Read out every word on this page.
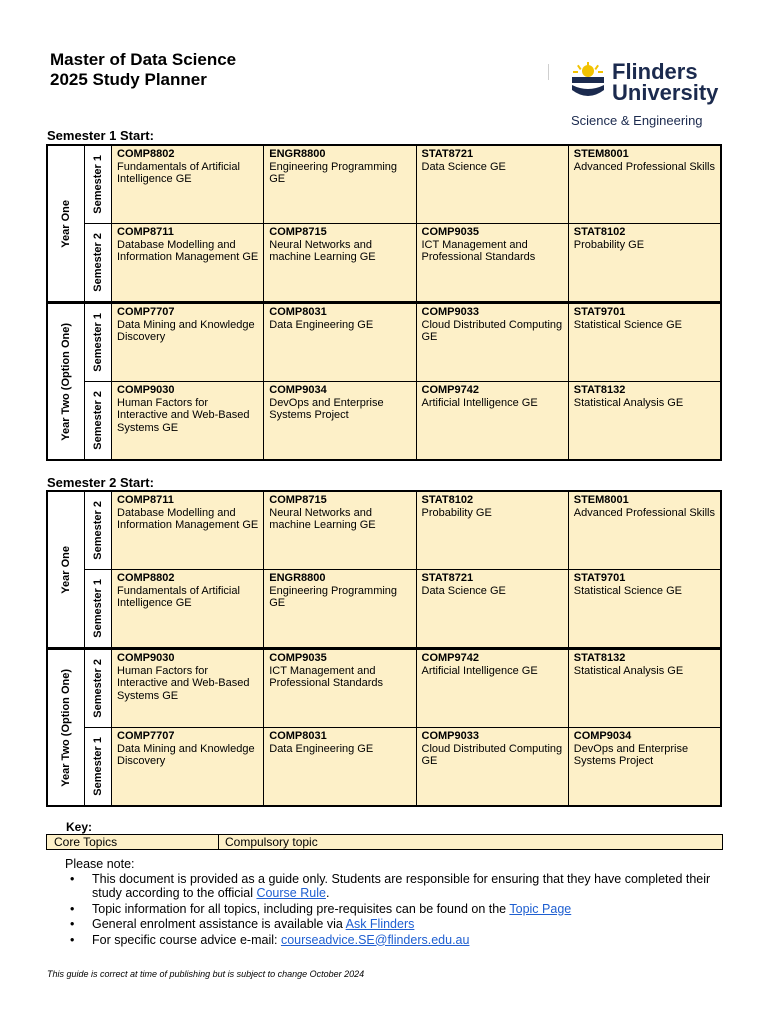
Master of Data Science
2025 Study Planner	Flinders
University
Science & Engineering
Semester 1 Start:
Year One
Semester 1
COMP8802
Fundamentals of Artificial Intelligence GE
ENGR8800
Engineering Programming GE
STAT8721
Data Science GE
STEM8001
Advanced Professional Skills
Semester 2
COMP8711
Database Modelling and Information Management GE
COMP8715
Neural Networks and machine Learning GE
COMP9035
ICT Management and Professional Standards
STAT8102
Probability GE
Year Two (Option One) Semester 1
COMP7707
Data Mining and Knowledge Discovery
COMP8031
Data Engineering GE
COMP9033
Cloud Distributed Computing GE
STAT9701
Statistical Science GE
Semester 2
COMP9030
Human Factors for Interactive and Web-Based Systems GE
COMP9034
DevOps and Enterprise Systems Project
COMP9742
Artificial Intelligence GE
STAT8132
Statistical Analysis GE
Semester 2 Start:
Year One
Semester 2
COMP8711
Database Modelling and Information Management GE
COMP8715
Neural Networks and machine Learning GE
STAT8102
Probability GE
STEM8001
Advanced Professional Skills
Semester 1
COMP8802
Fundamentals of Artificial Intelligence GE
ENGR8800
Engineering Programming GE
STAT8721
Data Science GE
STAT9701
Statistical Science GE
Year Two (Option One) Semester 2
COMP9030
Human Factors for Interactive and Web-Based Systems GE
COMP9035
ICT Management and Professional Standards
COMP9742
Artificial Intelligence GE
STAT8132
Statistical Analysis GE
Semester 1
COMP7707
Data Mining and Knowledge Discovery
COMP8031
Data Engineering GE
COMP9033
Cloud Distributed Computing GE
COMP9034
DevOps and Enterprise Systems Project
Key:
Core Topics	Compulsory topic
Please note:
• This document is provided as a guide only. Students are responsible for ensuring that they have completed their study according to the official Course Rule.
• Topic information for all topics, including pre-requisites can be found on the Topic Page
• General enrolment assistance is available via Ask Flinders
• For specific course advice e-mail: courseadvice.SE@flinders.edu.au
This guide is correct at time of publishing but is subject to change October 2024
